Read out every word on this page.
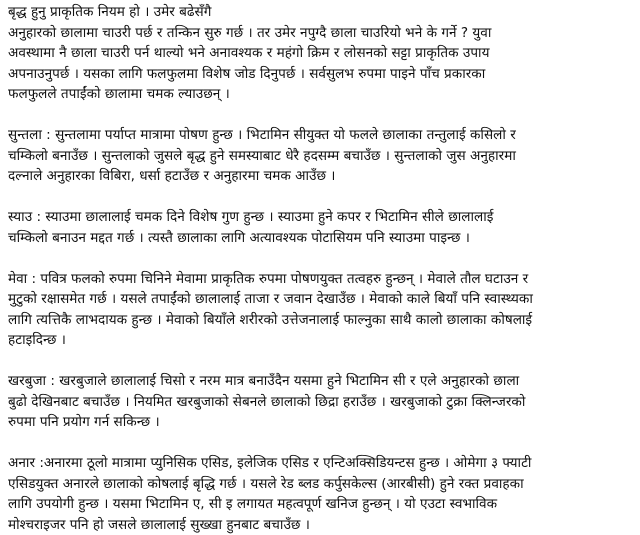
बृद्ध हुनु प्राकृतिक नियम हो । उमेर बढेसँगै
अनुहारको छालामा चाउरी पर्छ र तन्किन सुरु गर्छ । तर उमेर नपुग्दै छाला चाउरियो भने के गर्ने ? युवा
अवस्थामा नै छाला चाउरी पर्न थाल्यो भने अनावश्यक र महंगो क्रिम र लोसनको सट्टा प्राकृतिक उपाय
अपनाउनुपर्छ । यसका लागि फलफुलमा विशेष जोड दिनुपर्छ । सर्वसुलभ रुपमा पाइने पाँच प्रकारका
फलफुलले तपाईंको छालामा चमक ल्याउछन् ।
सुन्तला : सुन्तलामा पर्याप्त मात्रामा पोषण हुन्छ । भिटामिन सीयुक्त यो फलले छालाका तन्तुलाई कसिलो र
चम्किलो बनाउँछ । सुन्तलाको जुसले बृद्ध हुने समस्याबाट धेरै हदसम्म बचाउँछ । सुन्तलाको जुस अनुहारमा
दल्नाले अनुहारका विबिरा, धर्सा हटाउँछ र अनुहारमा चमक आउँछ ।
स्याउ : स्याउमा छालालाई चमक दिने विशेष गुण हुन्छ । स्याउमा हुने कपर र भिटामिन सीले छालालाई
चम्किलो बनाउन मद्दत गर्छ । त्यस्तै छालाका लागि अत्यावश्यक पोटासियम पनि स्याउमा पाइन्छ ।
मेवा : पवित्र फलको रुपमा चिनिने मेवामा प्राकृतिक रुपमा पोषणयुक्त तत्वहरु हुन्छन् । मेवाले तौल घटाउन र
मुटुको रक्षासमेत गर्छ । यसले तपाईंको छालालाई ताजा र जवान देखाउँछ । मेवाको काले बियाँ पनि स्वास्थ्यका
लागि त्यत्तिकै लाभदायक हुन्छ । मेवाको बियाँले शरीरको उत्तेजनालाई फाल्नुका साथै कालो छालाका कोषलाई
हटाइदिन्छ ।
खरबुजा : खरबुजाले छालालाई चिसो र नरम मात्र बनाउँदैन यसमा हुने भिटामिन सी र एले अनुहारको छाला
बुढो देखिनबाट बचाउँछ । नियमित खरबुजाको सेबनले छालाको छिद्रा हराउँछ । खरबुजाको टुक्रा क्लिन्जरको
रुपमा पनि प्रयोग गर्न सकिन्छ ।
अनार :अनारमा ठूलो मात्रामा प्युनिसिक एसिड, इलेजिक एसिड र एन्टिअक्सिडियन्टस हुन्छ । ओमेगा ३ फ्याटी
एसिडयुक्त अनारले छालाको कोषलाई बृद्धि गर्छ । यसले रेड ब्लड कर्पुसकेल्स (आरबीसी) हुने रक्त प्रवाहका
लागि उपयोगी हुन्छ । यसमा भिटामिन ए, सी इ लगायत महत्वपूर्ण खनिज हुन्छन् । यो एउटा स्वभाविक
मोश्चराइजर पनि हो जसले छालालाई सुख्खा हुनबाट बचाउँछ ।
